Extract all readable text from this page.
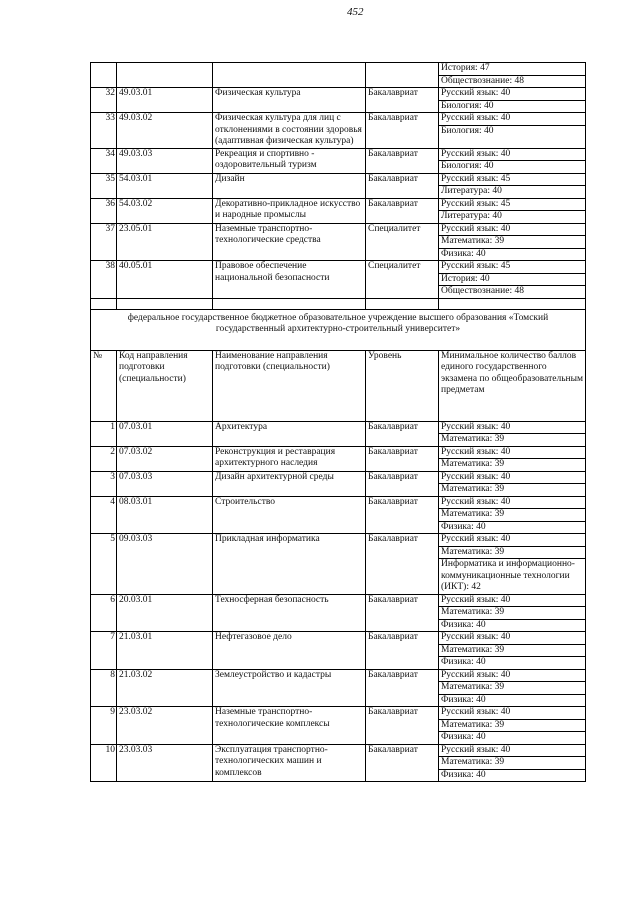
452

				История: 47
Обществознание: 48

32	49.03.01	Физическая культура	Бакалавриат	Русский язык: 40
Биология: 40

33	49.03.02	Физическая культура для лиц с отклонениями в состоянии здоровья (адаптивная физическая культура)	Бакалавриат	Русский язык: 40
Биология: 40

34	49.03.03	Рекреация и спортивно - оздоровительный туризм	Бакалавриат	Русский язык: 40
Биология: 40

35	54.03.01	Дизайн	Бакалавриат	Русский язык: 45
Литература: 40

36	54.03.02	Декоративно-прикладное искусство и народные промыслы	Бакалавриат	Русский язык: 45
Литература: 40

37	23.05.01	Наземные транспортно-технологические средства	Специалитет	Русский язык: 40
Математика: 39
Физика: 40

38	40.05.01	Правовое обеспечение национальной безопасности	Специалитет	Русский язык: 45
История: 40
Обществознание: 48

федеральное государственное бюджетное образовательное учреждение высшего образования «Томский государственный архитектурно-строительный университет»				
№	Код направления подготовки (специальности)	Наименование направления подготовки (специальности)	Уровень	Минимальное количество баллов единого государственного экзамена по общеобразовательным предметам
1	07.03.01	Архитектура	Бакалавриат	Русский язык: 40
Математика: 39

2	07.03.02	Реконструкция и реставрация архитектурного наследия	Бакалавриат	Русский язык: 40
Математика: 39

3	07.03.03	Дизайн архитектурной среды	Бакалавриат	Русский язык: 40
Математика: 39

4	08.03.01	Строительство	Бакалавриат	Русский язык: 40
Математика: 39
Физика: 40

5	09.03.03	Прикладная информатика	Бакалавриат	Русский язык: 40
Математика: 39
Информатика и информационно-коммуникационные технологии (ИКТ): 42

6	20.03.01	Техносферная безопасность	Бакалавриат	Русский язык: 40
Математика: 39
Физика: 40

7	21.03.01	Нефтегазовое дело	Бакалавриат	Русский язык: 40
Математика: 39
Физика: 40

8	21.03.02	Землеустройство и кадастры	Бакалавриат	Русский язык: 40
Математика: 39
Физика: 40

9	23.03.02	Наземные транспортно-технологические комплексы	Бакалавриат	Русский язык: 40
Математика: 39
Физика: 40

10	23.03.03	Эксплуатация транспортно-технологических машин и комплексов	Бакалавриат	Русский язык: 40
Математика: 39
Физика: 40
